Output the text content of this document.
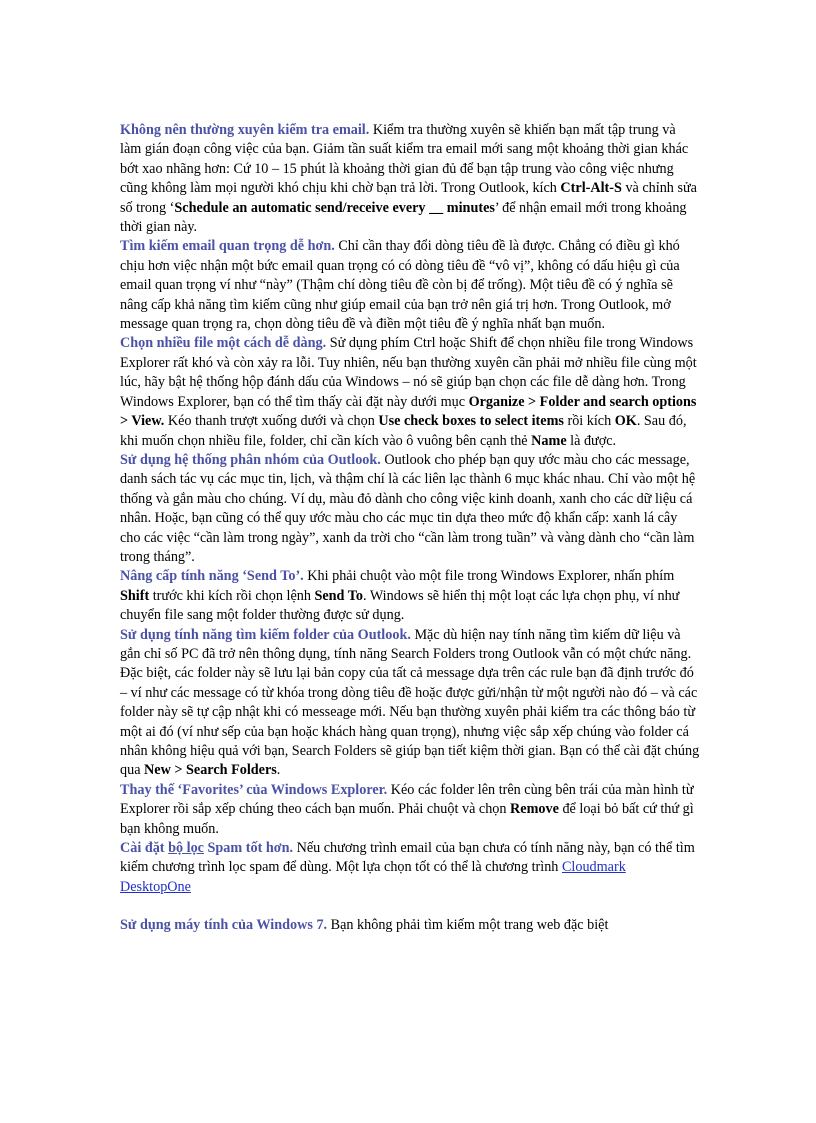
Không nên thường xuyên kiểm tra email. Kiểm tra thường xuyên sẽ khiến bạn mất tập trung và làm gián đoạn công việc của bạn. Giảm tần suất kiểm tra email mới sang một khoảng thời gian khác bớt xao nhãng hơn: Cứ 10 – 15 phút là khoảng thời gian đủ để bạn tập trung vào công việc nhưng cũng không làm mọi người khó chịu khi chờ bạn trả lời. Trong Outlook, kích Ctrl-Alt-S và chỉnh sửa số trong ‘Schedule an automatic send/receive every __ minutes’ để nhận email mới trong khoảng thời gian này.

Tìm kiếm email quan trọng dễ hơn. Chỉ cần thay đổi dòng tiêu đề là được. Chẳng có điều gì khó chịu hơn việc nhận một bức email quan trọng có có dòng tiêu đề “vô vị”, không có dấu hiệu gì của email quan trọng ví như “này” (Thậm chí dòng tiêu đề còn bị để trống). Một tiêu đề có ý nghĩa sẽ nâng cấp khả năng tìm kiếm cũng như giúp email của bạn trở nên giá trị hơn. Trong Outlook, mở message quan trọng ra, chọn dòng tiêu đề và điền một tiêu đề ý nghĩa nhất bạn muốn.

Chọn nhiều file một cách dễ dàng. Sử dụng phím Ctrl hoặc Shift để chọn nhiều file trong Windows Explorer rất khó và còn xảy ra lỗi. Tuy nhiên, nếu bạn thường xuyên cần phải mở nhiều file cùng một lúc, hãy bật hệ thống hộp đánh dấu của Windows – nó sẽ giúp bạn chọn các file dễ dàng hơn. Trong Windows Explorer, bạn có thể tìm thấy cài đặt này dưới mục Organize > Folder and search options > View. Kéo thanh trượt xuống dưới và chọn Use check boxes to select items rồi kích OK. Sau đó, khi muốn chọn nhiều file, folder, chỉ cần kích vào ô vuông bên cạnh thẻ Name là được.

Sử dụng hệ thống phân nhóm của Outlook. Outlook cho phép bạn quy ước màu cho các message, danh sách tác vụ các mục tin, lịch, và thậm chí là các liên lạc thành 6 mục khác nhau. Chỉ vào một hệ thống và gắn màu cho chúng. Ví dụ, màu đỏ dành cho công việc kinh doanh, xanh cho các dữ liệu cá nhân. Hoặc, bạn cũng có thể quy ước màu cho các mục tin dựa theo mức độ khẩn cấp: xanh lá cây cho các việc “cần làm trong ngày”, xanh da trời cho “cần làm trong tuần” và vàng dành cho “cần làm trong tháng”.

Nâng cấp tính năng ‘Send To’. Khi phải chuột vào một file trong Windows Explorer, nhấn phím Shift trước khi kích rồi chọn lệnh Send To. Windows sẽ hiển thị một loạt các lựa chọn phụ, ví như chuyển file sang một folder thường được sử dụng.

Sử dụng tính năng tìm kiếm folder của Outlook. Mặc dù hiện nay tính năng tìm kiếm dữ liệu và gắn chỉ số PC đã trở nên thông dụng, tính năng Search Folders trong Outlook vẫn có một chức năng. Đặc biệt, các folder này sẽ lưu lại bản copy của tất cả message dựa trên các rule bạn đã định trước đó – ví như các message có từ khóa trong dòng tiêu đề hoặc được gửi/nhận từ một người nào đó – và các folder này sẽ tự cập nhật khi có messeage mới. Nếu bạn thường xuyên phải kiểm tra các thông báo từ một ai đó (ví như sếp của bạn hoặc khách hàng quan trọng), nhưng việc sắp xếp chúng vào folder cá nhân không hiệu quả với bạn, Search Folders sẽ giúp bạn tiết kiệm thời gian. Bạn có thể cài đặt chúng qua New > Search Folders.

Thay thế ‘Favorites’ của Windows Explorer. Kéo các folder lên trên cùng bên trái của màn hình từ Explorer rồi sắp xếp chúng theo cách bạn muốn. Phải chuột và chọn Remove để loại bỏ bất cứ thứ gì bạn không muốn.

Cài đặt bộ lọc Spam tốt hơn. Nếu chương trình email của bạn chưa có tính năng này, bạn có thể tìm kiếm chương trình lọc spam để dùng. Một lựa chọn tốt có thể là chương trình Cloudmark DesktopOne

Sử dụng máy tính của Windows 7. Bạn không phải tìm kiếm một trang web đặc biệt
